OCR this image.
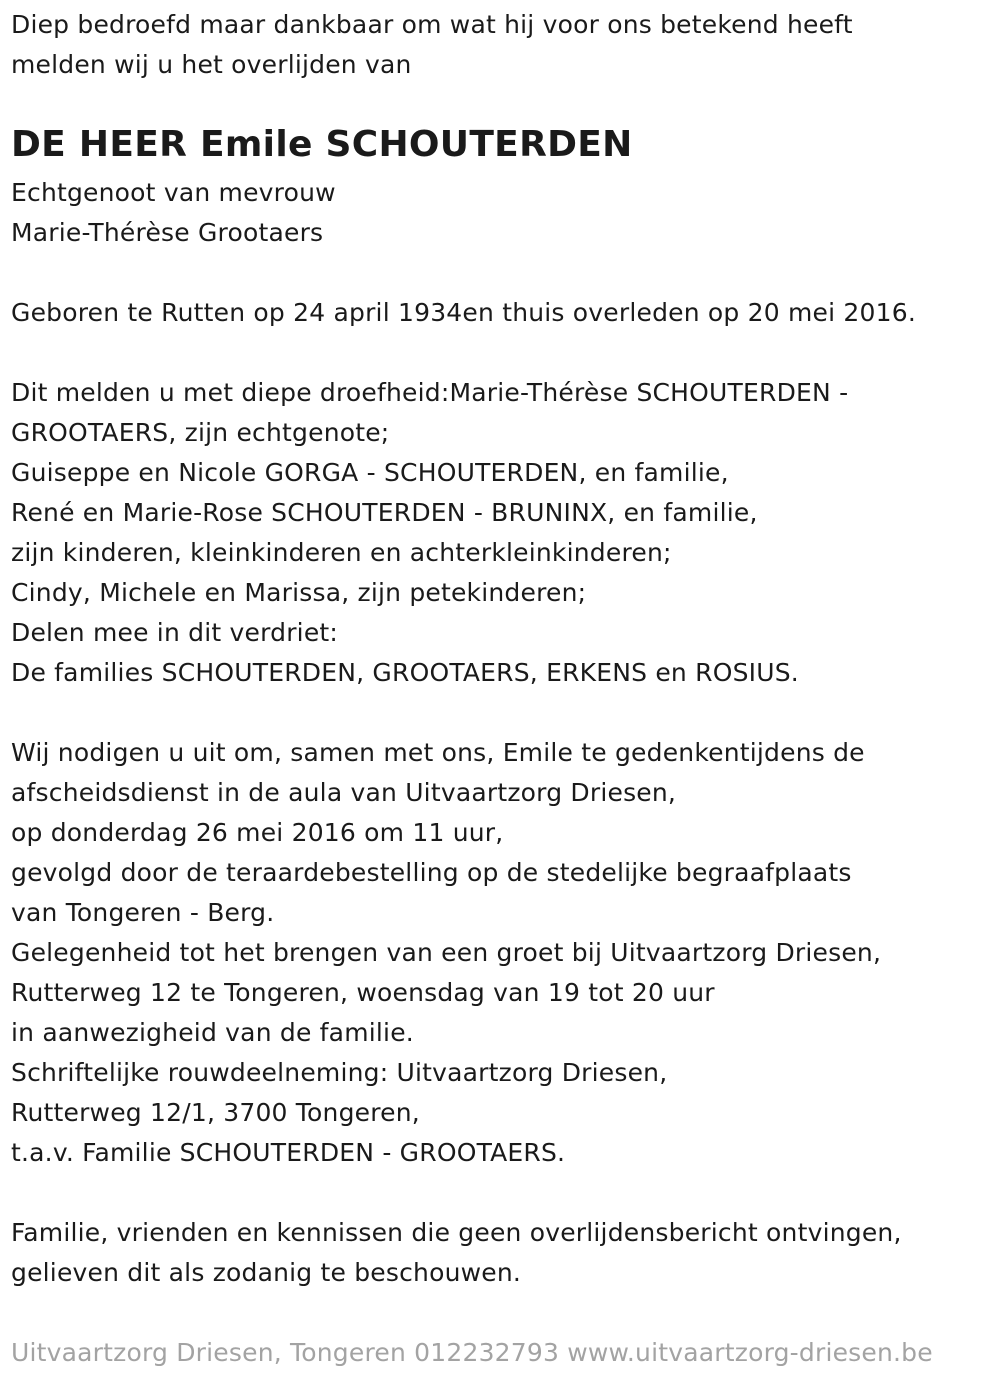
Diep bedroefd maar dankbaar om wat hij voor ons betekend heeft
melden wij u het overlijden van
DE HEER Emile SCHOUTERDEN
Echtgenoot van mevrouw
Marie-Thérèse Grootaers
Geboren te Rutten op 24 april 1934en thuis overleden op 20 mei 2016.
Dit melden u met diepe droefheid:Marie-Thérèse SCHOUTERDEN -
GROOTAERS, zijn echtgenote;
Guiseppe en Nicole GORGA - SCHOUTERDEN, en familie,
René en Marie-Rose SCHOUTERDEN - BRUNINX, en familie,
zijn kinderen, kleinkinderen en achterkleinkinderen;
Cindy, Michele en Marissa, zijn petekinderen;
Delen mee in dit verdriet:
De families SCHOUTERDEN, GROOTAERS, ERKENS en ROSIUS.
Wij nodigen u uit om, samen met ons, Emile te gedenkentijdens de
afscheidsdienst in de aula van Uitvaartzorg Driesen,
op donderdag 26 mei 2016 om 11 uur,
gevolgd door de teraardebestelling op de stedelijke begraafplaats
van Tongeren - Berg.
Gelegenheid tot het brengen van een groet bij Uitvaartzorg Driesen,
Rutterweg 12 te Tongeren, woensdag van 19 tot 20 uur
in aanwezigheid van de familie.
Schriftelijke rouwdeelneming: Uitvaartzorg Driesen,
Rutterweg 12/1, 3700 Tongeren,
t.a.v. Familie SCHOUTERDEN - GROOTAERS.
Familie, vrienden en kennissen die geen overlijdensbericht ontvingen,
gelieven dit als zodanig te beschouwen.
Uitvaartzorg Driesen, Tongeren 012232793 www.uitvaartzorg-driesen.be
